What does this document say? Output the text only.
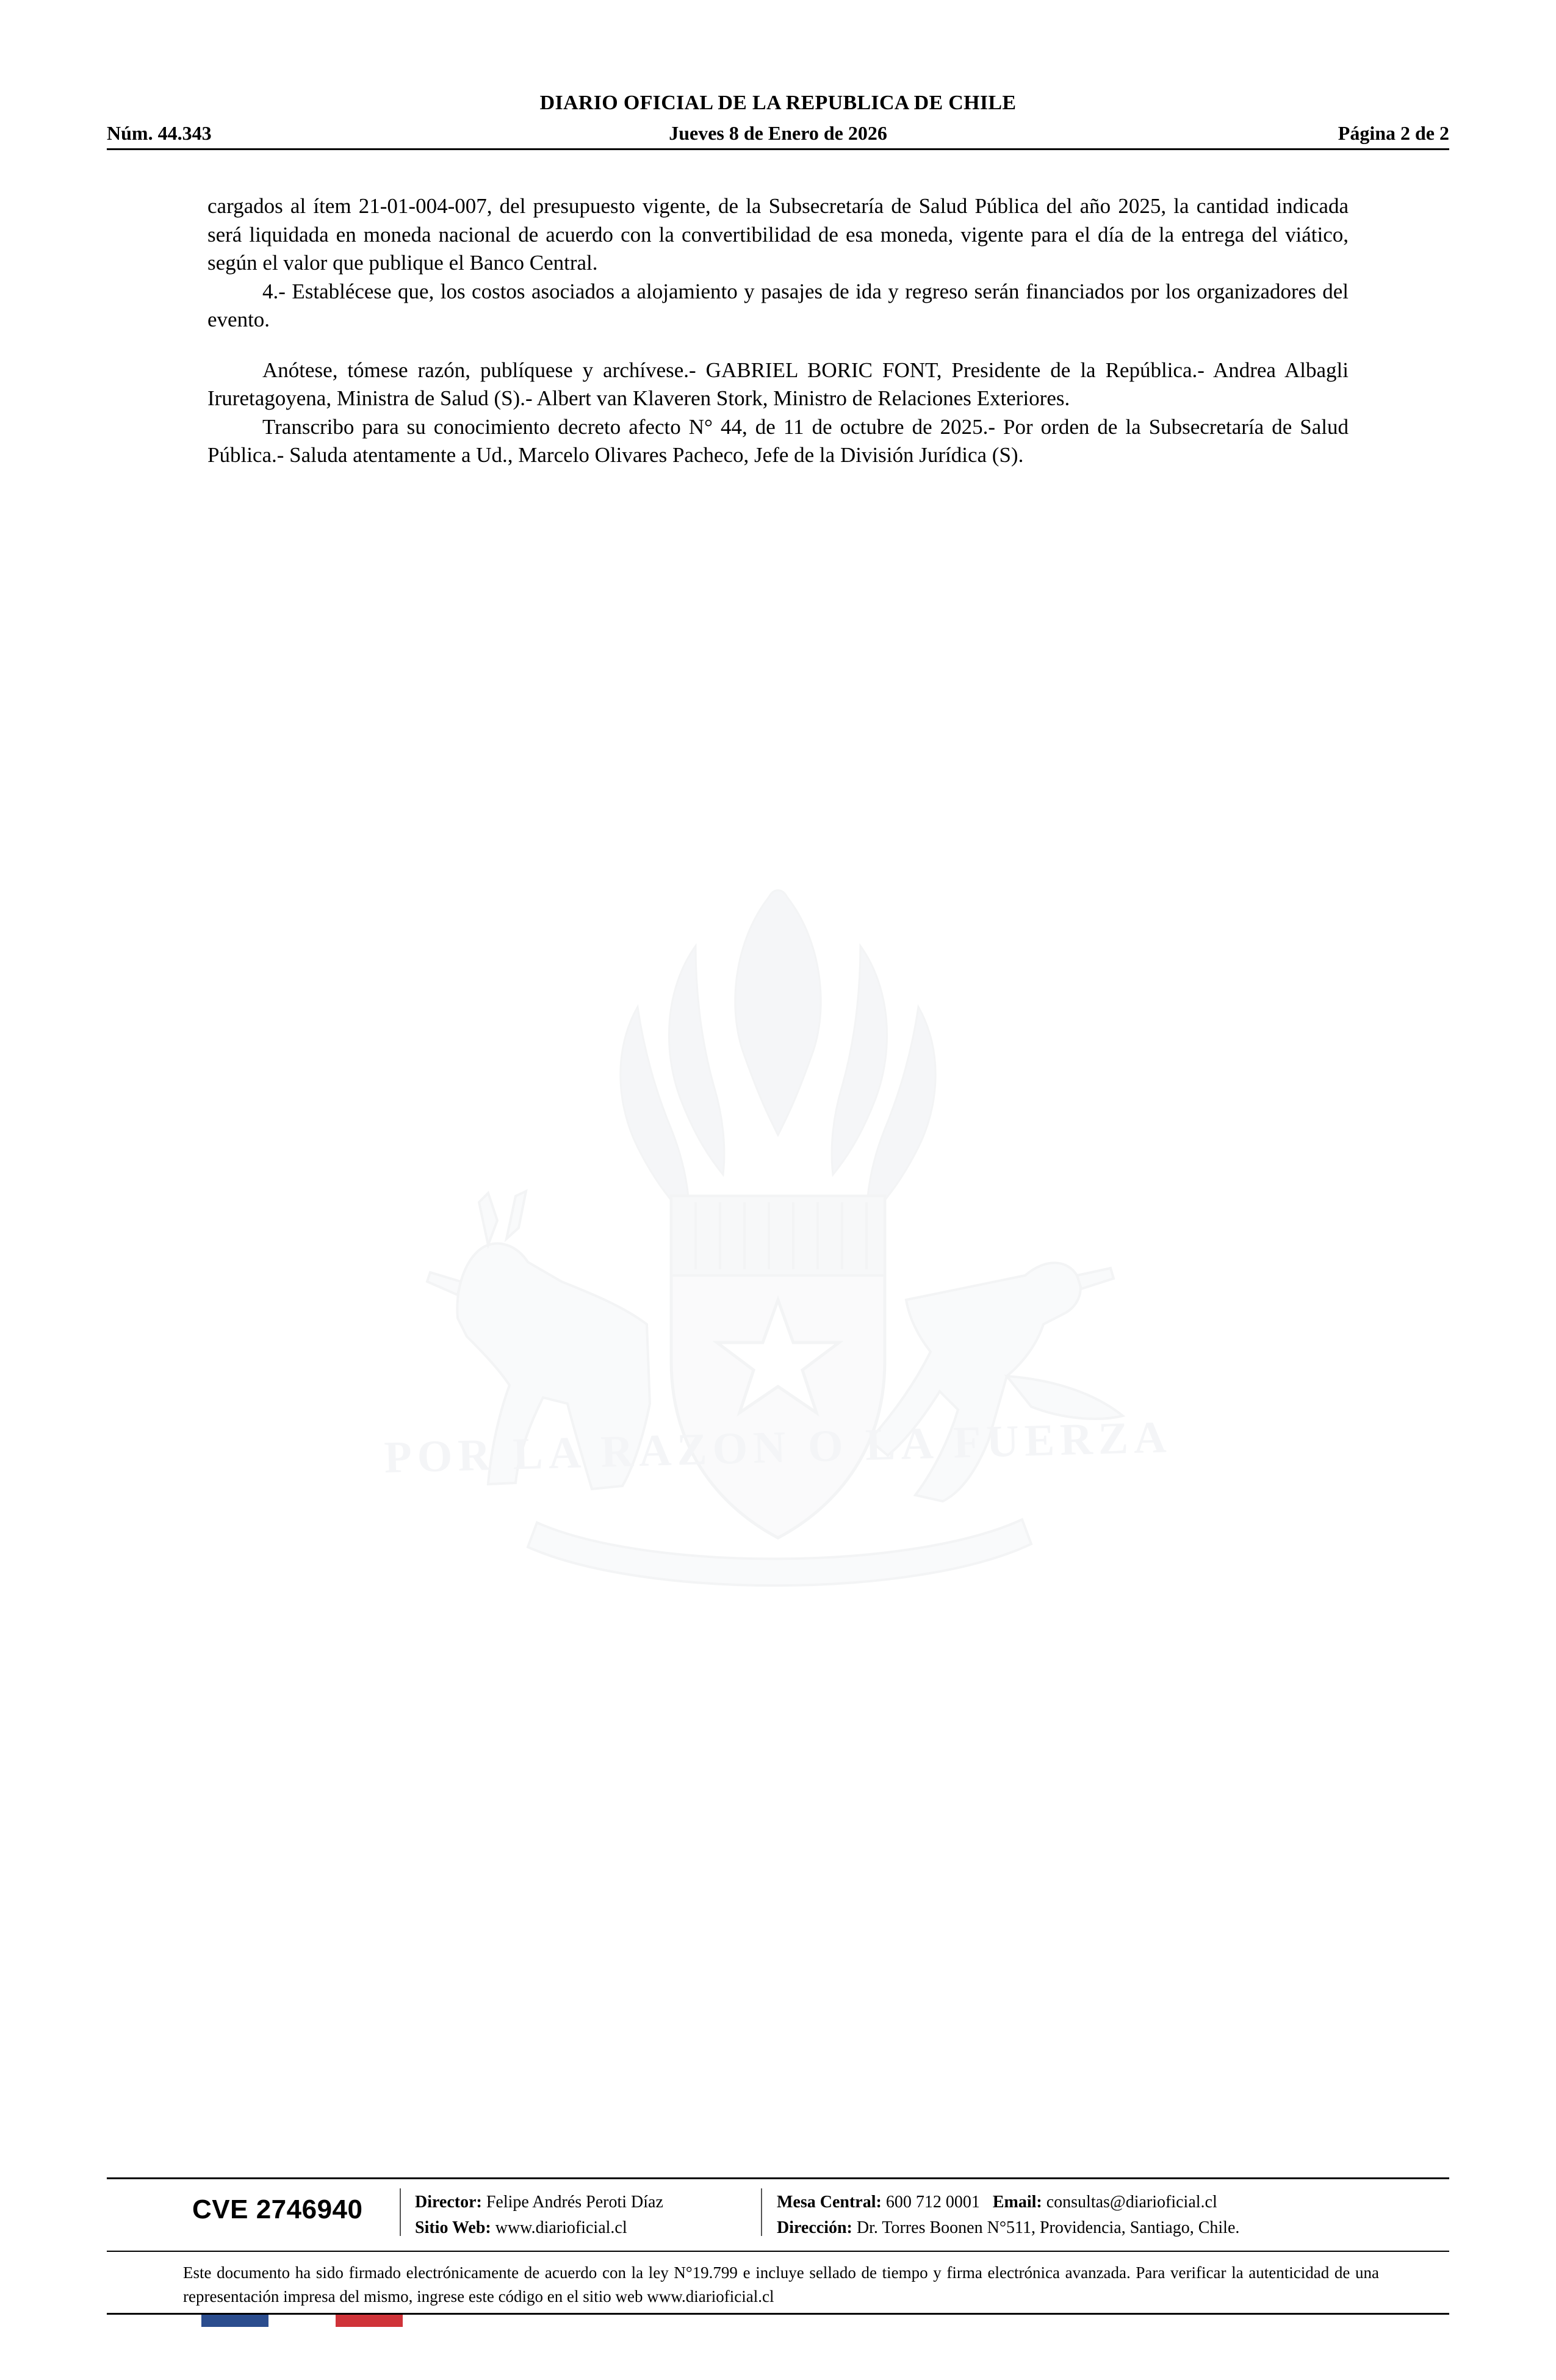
DIARIO OFICIAL DE LA REPUBLICA DE CHILE
Núm. 44.343	Jueves 8 de Enero de 2026	Página 2 de 2

cargados al ítem 21-01-004-007, del presupuesto vigente, de la Subsecretaría de Salud Pública del año 2025, la cantidad indicada será liquidada en moneda nacional de acuerdo con la convertibilidad de esa moneda, vigente para el día de la entrega del viático, según el valor que publique el Banco Central.

4.- Establécese que, los costos asociados a alojamiento y pasajes de ida y regreso serán financiados por los organizadores del evento.

Anótese, tómese razón, publíquese y archívese.- GABRIEL BORIC FONT, Presidente de la República.- Andrea Albagli Iruretagoyena, Ministra de Salud (S).- Albert van Klaveren Stork, Ministro de Relaciones Exteriores.

Transcribo para su conocimiento decreto afecto N° 44, de 11 de octubre de 2025.- Por orden de la Subsecretaría de Salud Pública.- Saluda atentamente a Ud., Marcelo Olivares Pacheco, Jefe de la División Jurídica (S).

POR LA RAZON O LA FUERZA
CVE 2746940	Director: Felipe Andrés Peroti Díaz
Sitio Web: www.diarioficial.cl
Mesa Central: 600 712 0001 Email: consultas@diarioficial.cl
Dirección: Dr. Torres Boonen N°511, Providencia, Santiago, Chile.
Este documento ha sido firmado electrónicamente de acuerdo con la ley N°19.799 e incluye sellado de tiempo y firma electrónica avanzada. Para verificar la autenticidad de una representación impresa del mismo, ingrese este código en el sitio web www.diarioficial.cl
